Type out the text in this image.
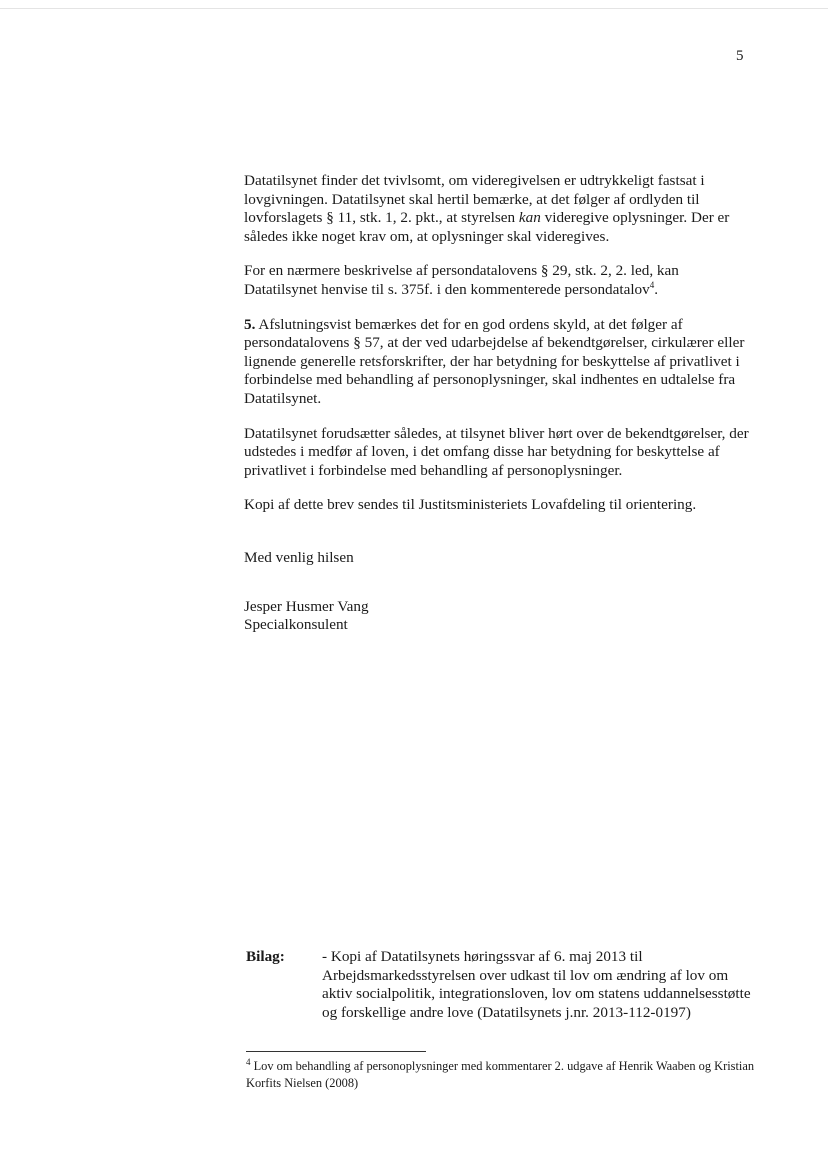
5

Datatilsynet finder det tvivlsomt, om videregivelsen er udtrykkeligt fastsat i lovgivningen. Datatilsynet skal hertil bemærke, at det følger af ordlyden til lovforslagets § 11, stk. 1, 2. pkt., at styrelsen kan videregive oplysninger. Der er således ikke noget krav om, at oplysninger skal videregives.

For en nærmere beskrivelse af persondatalovens § 29, stk. 2, 2. led, kan Datatilsynet henvise til s. 375f. i den kommenterede persondatalov$^4$.

5. Afslutningsvist bemærkes det for en god ordens skyld, at det følger af persondatalovens § 57, at der ved udarbejdelse af bekendtgørelser, cirkulærer eller lignende generelle retsforskrifter, der har betydning for beskyttelse af privatlivet i forbindelse med behandling af personoplysninger, skal indhentes en udtalelse fra Datatilsynet.

Datatilsynet forudsætter således, at tilsynet bliver hørt over de bekendtgørelser, der udstedes i medfør af loven, i det omfang disse har betydning for beskyttelse af privatlivet i forbindelse med behandling af personoplysninger.

Kopi af dette brev sendes til Justitsministeriets Lovafdeling til orientering.

Med venlig hilsen

Jesper Husmer Vang
Specialkonsulent

Bilag: - Kopi af Datatilsynets høringssvar af 6. maj 2013 til Arbejdsmarkedsstyrelsen over udkast til lov om ændring af lov om aktiv socialpolitik, integrationsloven, lov om statens uddannelsesstøtte og forskellige andre love (Datatilsynets j.nr. 2013-112-0197)
$^4$ Lov om behandling af personoplysninger med kommentarer 2. udgave af Henrik Waaben og Kristian Korfits Nielsen (2008)
